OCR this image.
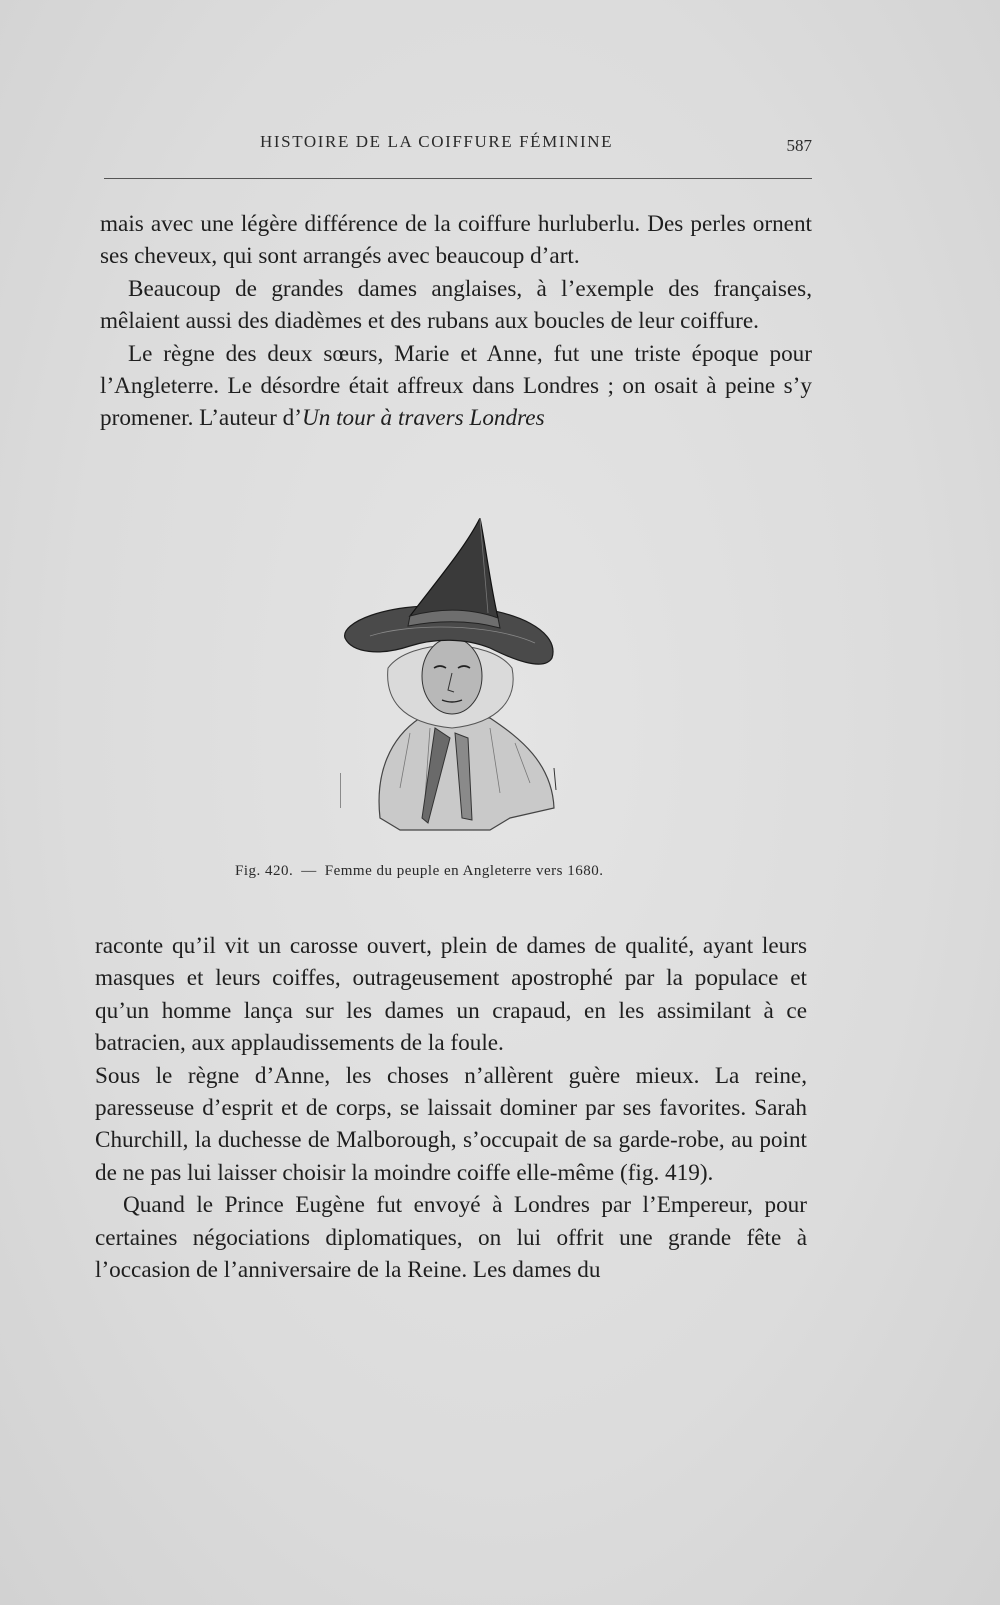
HISTOIRE DE LA COIFFURE FÉMININE	587

mais avec une légère différence de la coiffure hurluberlu. Des perles ornent ses cheveux, qui sont arrangés avec beaucoup d’art.

Beaucoup de grandes dames anglaises, à l’exemple des françaises, mêlaient aussi des diadèmes et des rubans aux boucles de leur coiffure.

Le règne des deux sœurs, Marie et Anne, fut une triste époque pour l’Angleterre. Le désordre était affreux dans Londres ; on osait à peine s’y promener. L’auteur d’Un tour à travers Londres

Fig. 420. — Femme du peuple en Angleterre vers 1680.

raconte qu’il vit un carosse ouvert, plein de dames de qualité, ayant leurs masques et leurs coiffes, outrageusement apostrophé par la populace et qu’un homme lança sur les dames un crapaud, en les assimilant à ce batracien, aux applaudissements de la foule.

Sous le règne d’Anne, les choses n’allèrent guère mieux. La reine, paresseuse d’esprit et de corps, se laissait dominer par ses favorites. Sarah Churchill, la duchesse de Malborough, s’occupait de sa garde-robe, au point de ne pas lui laisser choisir la moindre coiffe elle-même (fig. 419).

Quand le Prince Eugène fut envoyé à Londres par l’Empereur, pour certaines négociations diplomatiques, on lui offrit une grande fête à l’occasion de l’anniversaire de la Reine. Les dames du
